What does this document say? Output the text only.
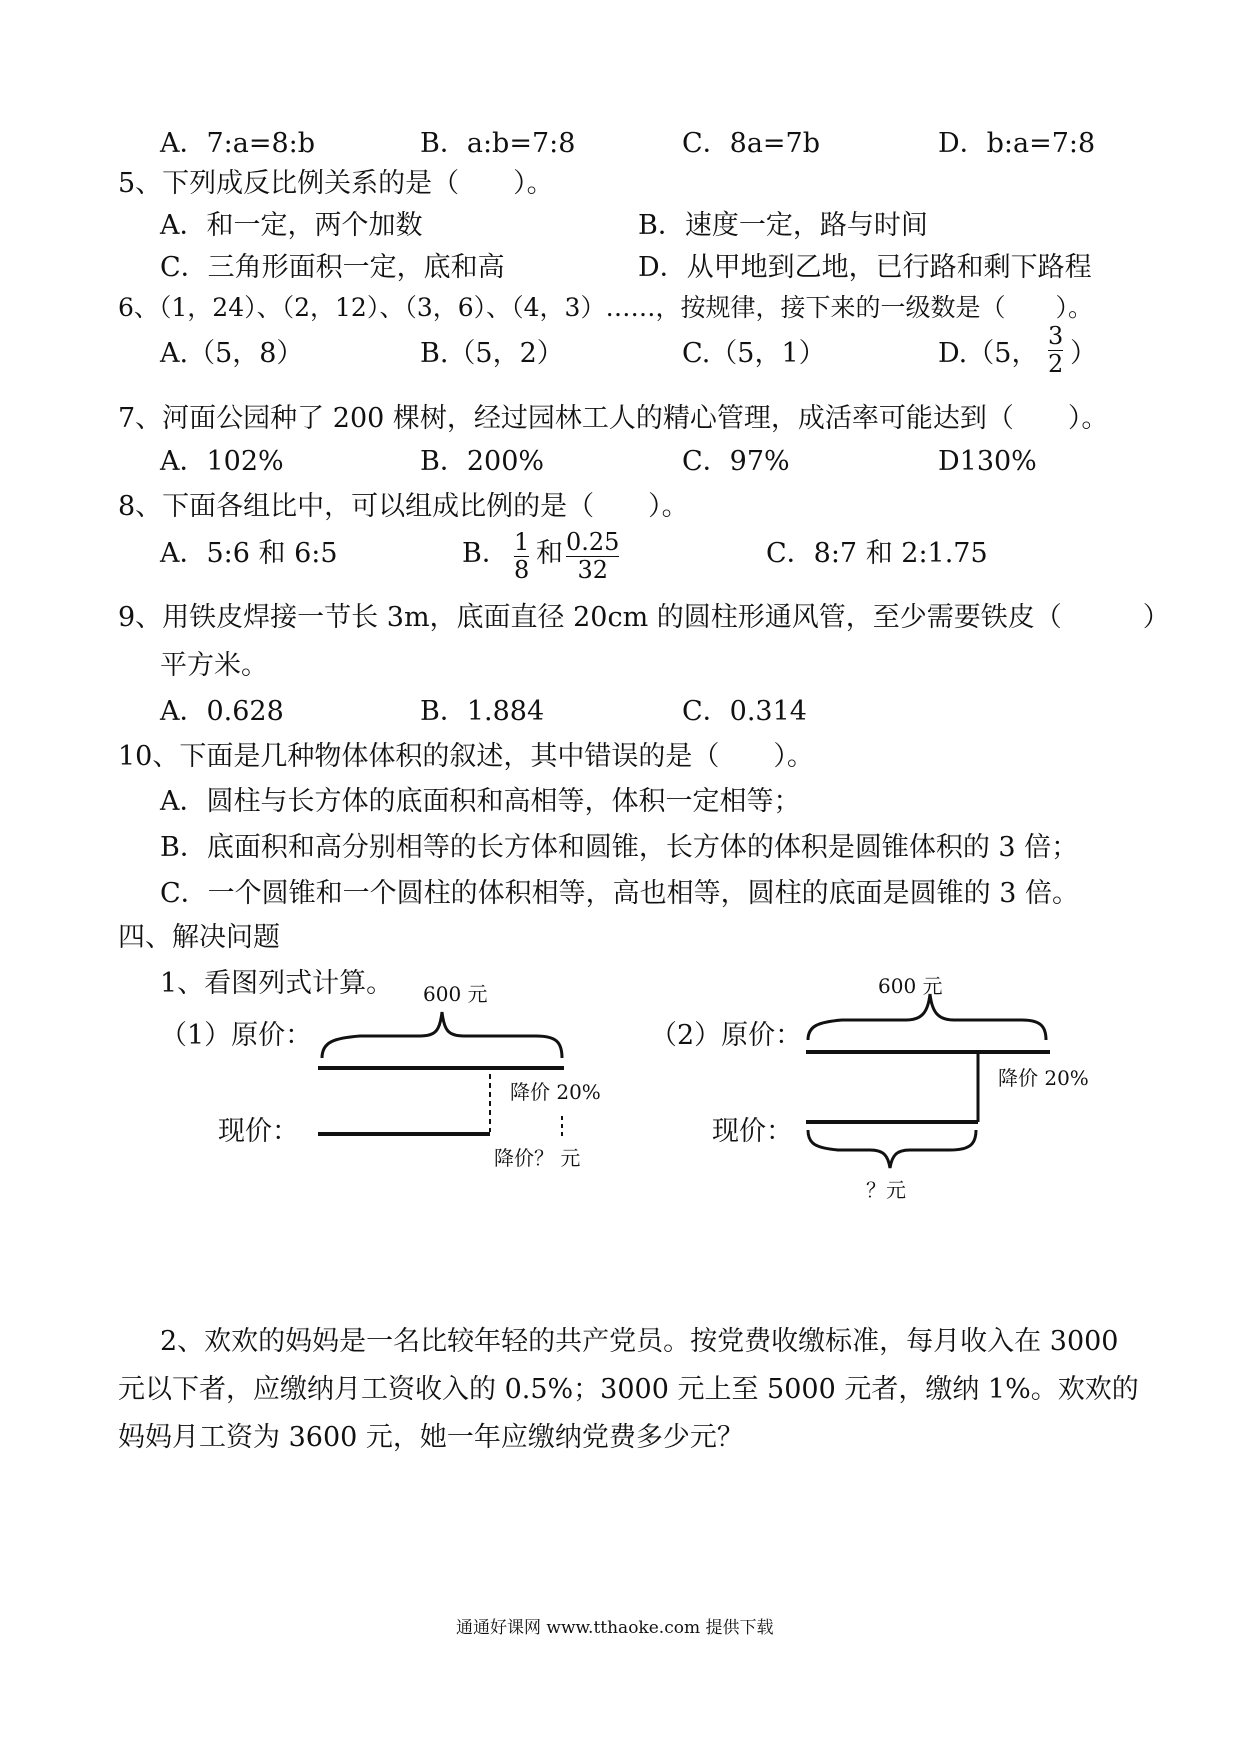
A．7:a=8:b	B．a:b=7:8	C．8a=7b	D．b:a=7:8
5、下列成反比例关系的是（　　）。
A．和一定，两个加数	B．速度一定，路与时间
C．三角形面积一定，底和高	D．从甲地到乙地，已行路和剩下路程
6、（1，24）、（2，12）、（3，6）、（4，3）……，按规律，接下来的一级数是（　　）。
A.（5，8）	B.（5，2）	C.（5，1）	D.（5，
3
2 ）
7、河面公园种了 200 棵树，经过园林工人的精心管理，成活率可能达到（　　）。
A．102%	B．200%	C．97%	D130%
8、下面各组比中，可以组成比例的是（　　）。
A．5:6 和 6:5	B． 1
8
和 0.25
32
C．8:7 和 2:1.75
9、用铁皮焊接一节长 3m，底面直径 20cm 的圆柱形通风管，至少需要铁皮（　　　）
平方米。
A．0.628	B．1.884	C．0.314
10、下面是几种物体体积的叙述，其中错误的是（　　）。
A．圆柱与长方体的底面积和高相等，体积一定相等；
B．底面积和高分别相等的长方体和圆锥，长方体的体积是圆锥体积的 3 倍；
C．一个圆锥和一个圆柱的体积相等，高也相等，圆柱的底面是圆锥的 3 倍。
四、解决问题
1、看图列式计算。 600 元
（1）原价：
降价 20%
现价：
降价？ 元
600 元
（2）原价：
降价 20%
现价：
？元
2、欢欢的妈妈是一名比较年轻的共产党员。按党费收缴标准，每月收入在 3000
元以下者，应缴纳月工资收入的 0.5%；3000 元上至 5000 元者，缴纳 1%。欢欢的
妈妈月工资为 3600 元，她一年应缴纳党费多少元？
通通好课网 www.tthaoke.com 提供下载
